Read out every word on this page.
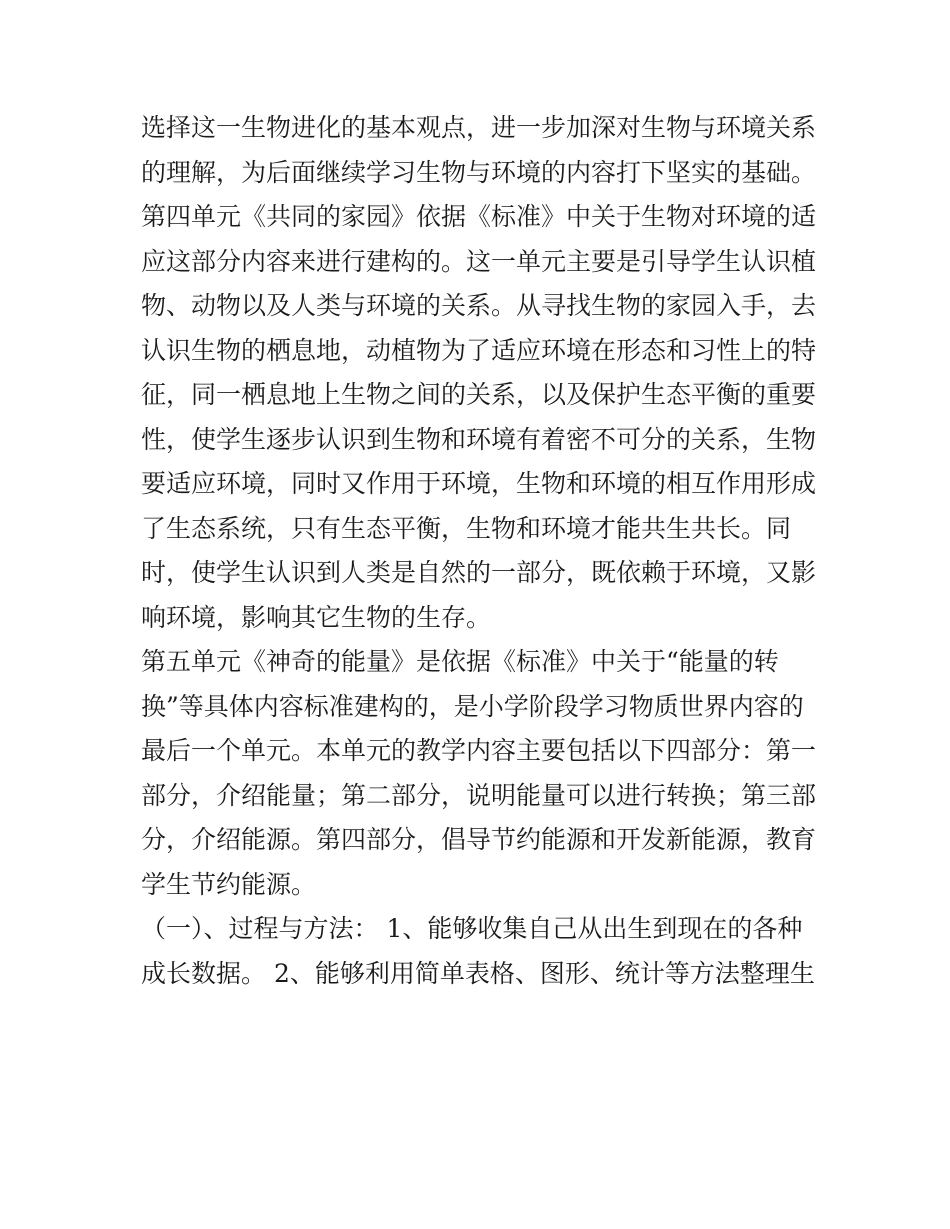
选择这一生物进化的基本观点，进一步加深对生物与环境关系
的理解，为后面继续学习生物与环境的内容打下坚实的基础。
第四单元《共同的家园》依据《标准》中关于生物对环境的适
应这部分内容来进行建构的。这一单元主要是引导学生认识植
物、动物以及人类与环境的关系。从寻找生物的家园入手，去
认识生物的栖息地，动植物为了适应环境在形态和习性上的特
征，同一栖息地上生物之间的关系，以及保护生态平衡的重要
性，使学生逐步认识到生物和环境有着密不可分的关系，生物
要适应环境，同时又作用于环境，生物和环境的相互作用形成
了生态系统，只有生态平衡，生物和环境才能共生共长。同
时，使学生认识到人类是自然的一部分，既依赖于环境，又影
响环境，影响其它生物的生存。
第五单元《神奇的能量》是依据《标准》中关于“能量的转
换”等具体内容标准建构的，是小学阶段学习物质世界内容的
最后一个单元。本单元的教学内容主要包括以下四部分：第一
部分，介绍能量；第二部分，说明能量可以进行转换；第三部
分，介绍能源。第四部分，倡导节约能源和开发新能源，教育
学生节约能源。
（一）、过程与方法： 1、能够收集自己从出生到现在的各种
成长数据。 2、能够利用简单表格、图形、统计等方法整理生
